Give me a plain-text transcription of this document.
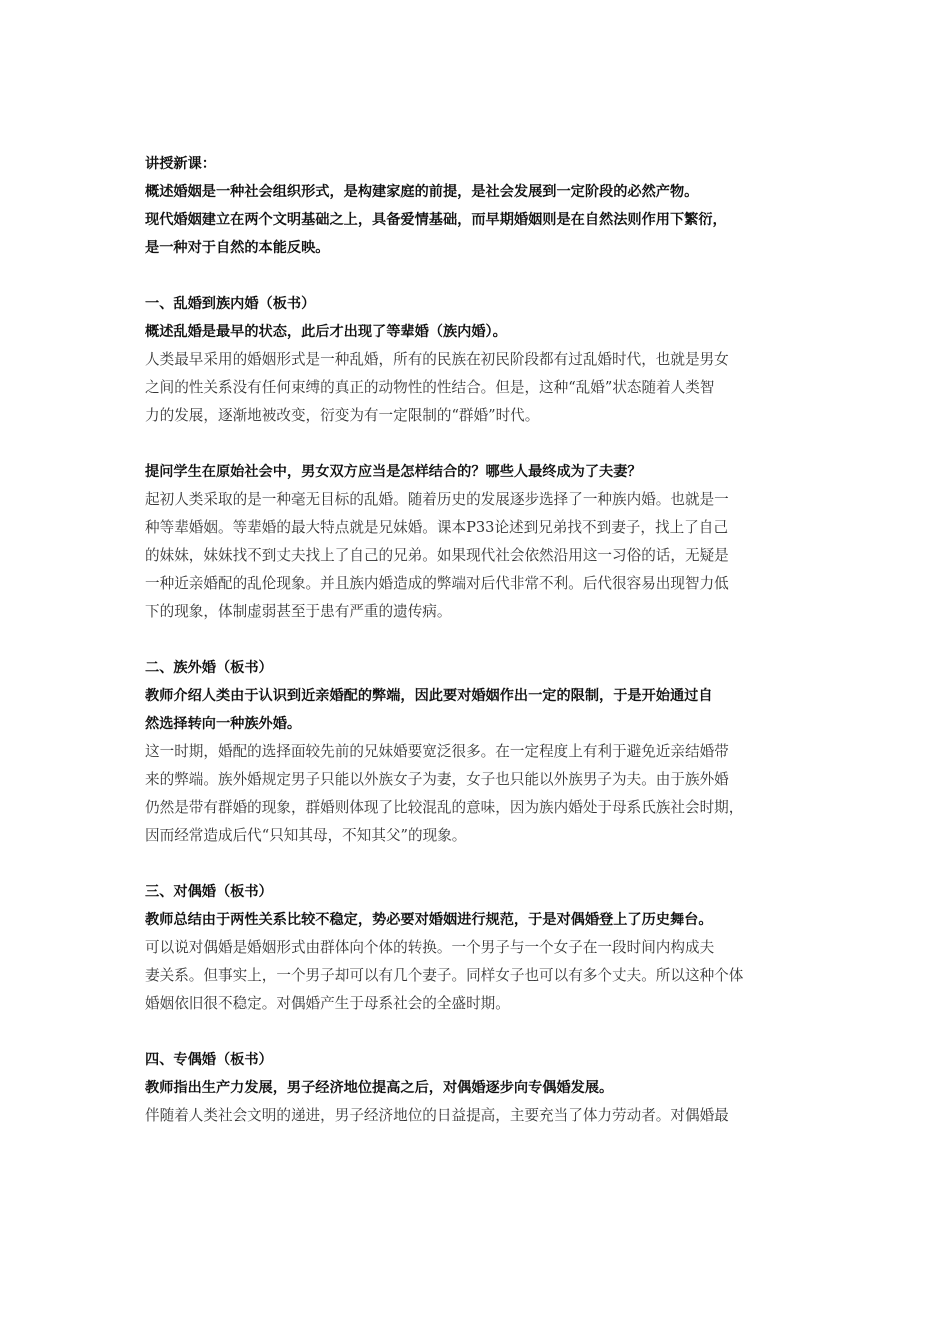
讲授新课：

概述婚姻是一种社会组织形式，是构建家庭的前提，是社会发展到一定阶段的必然产物。

现代婚姻建立在两个文明基础之上，具备爱情基础，而早期婚姻则是在自然法则作用下繁衍，

是一种对于自然的本能反映。

一、乱婚到族内婚（板书）

概述乱婚是最早的状态，此后才出现了等辈婚（族内婚）。

人类最早采用的婚姻形式是一种乱婚，所有的民族在初民阶段都有过乱婚时代，也就是男女

之间的性关系没有任何束缚的真正的动物性的性结合。但是，这种“乱婚”状态随着人类智

力的发展，逐渐地被改变，衍变为有一定限制的“群婚”时代。

提问学生在原始社会中，男女双方应当是怎样结合的？哪些人最终成为了夫妻？

起初人类采取的是一种毫无目标的乱婚。随着历史的发展逐步选择了一种族内婚。也就是一

种等辈婚姻。等辈婚的最大特点就是兄妹婚。课本P33论述到兄弟找不到妻子，找上了自己

的妹妹，妹妹找不到丈夫找上了自己的兄弟。如果现代社会依然沿用这一习俗的话，无疑是

一种近亲婚配的乱伦现象。并且族内婚造成的弊端对后代非常不利。后代很容易出现智力低

下的现象，体制虚弱甚至于患有严重的遗传病。

二、族外婚（板书）

教师介绍人类由于认识到近亲婚配的弊端，因此要对婚姻作出一定的限制，于是开始通过自

然选择转向一种族外婚。

这一时期，婚配的选择面较先前的兄妹婚要宽泛很多。在一定程度上有利于避免近亲结婚带

来的弊端。族外婚规定男子只能以外族女子为妻，女子也只能以外族男子为夫。由于族外婚

仍然是带有群婚的现象，群婚则体现了比较混乱的意味，因为族内婚处于母系氏族社会时期，

因而经常造成后代“只知其母，不知其父”的现象。

三、对偶婚（板书）

教师总结由于两性关系比较不稳定，势必要对婚姻进行规范，于是对偶婚登上了历史舞台。

可以说对偶婚是婚姻形式由群体向个体的转换。一个男子与一个女子在一段时间内构成夫

妻关系。但事实上，一个男子却可以有几个妻子。同样女子也可以有多个丈夫。所以这种个体

婚姻依旧很不稳定。对偶婚产生于母系社会的全盛时期。

四、专偶婚（板书）

教师指出生产力发展，男子经济地位提高之后，对偶婚逐步向专偶婚发展。

伴随着人类社会文明的递进，男子经济地位的日益提高，主要充当了体力劳动者。对偶婚最
